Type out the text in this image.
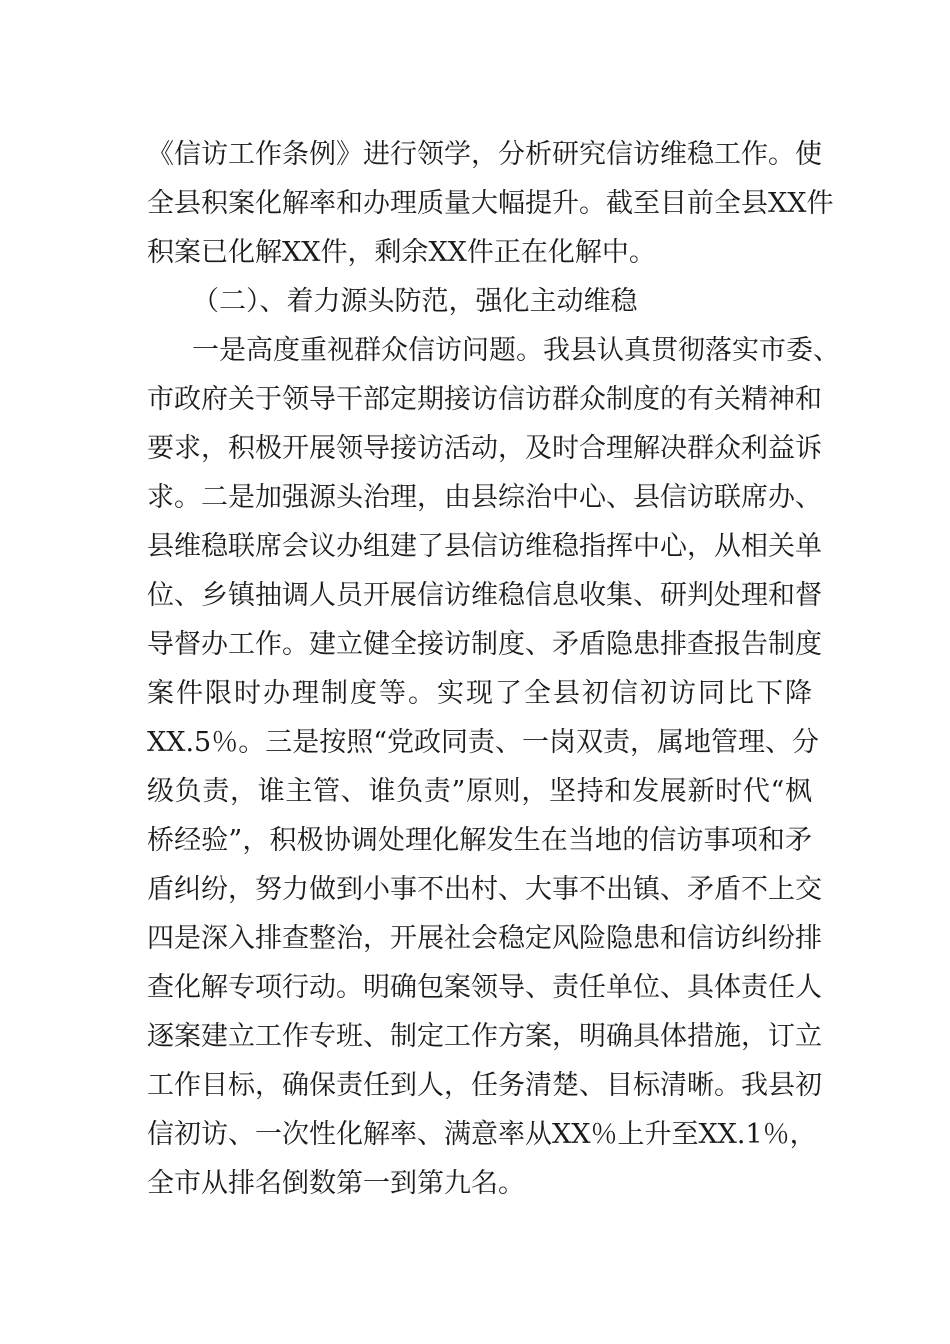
《信访工作条例》进行领学，分析研究信访维稳工作。使
全县积案化解率和办理质量大幅提升。截至目前全县XX件
积案已化解XX件，剩余XX件正在化解中。
（二）、着力源头防范，强化主动维稳
一是高度重视群众信访问题。我县认真贯彻落实市委、
市政府关于领导干部定期接访信访群众制度的有关精神和
要求，积极开展领导接访活动，及时合理解决群众利益诉
求。二是加强源头治理，由县综治中心、县信访联席办、
县维稳联席会议办组建了县信访维稳指挥中心，从相关单
位、乡镇抽调人员开展信访维稳信息收集、研判处理和督
导督办工作。建立健全接访制度、矛盾隐患排查报告制度
案件限时办理制度等。实现了全县初信初访同比下降
XX.5％。三是按照“党政同责、一岗双责，属地管理、分
级负责，谁主管、谁负责”原则，坚持和发展新时代“枫
桥经验”，积极协调处理化解发生在当地的信访事项和矛
盾纠纷，努力做到小事不出村、大事不出镇、矛盾不上交
四是深入排查整治，开展社会稳定风险隐患和信访纠纷排
查化解专项行动。明确包案领导、责任单位、具体责任人
逐案建立工作专班、制定工作方案，明确具体措施，订立
工作目标，确保责任到人，任务清楚、目标清晰。我县初
信初访、一次性化解率、满意率从XX％上升至XX.1％，
全市从排名倒数第一到第九名。
